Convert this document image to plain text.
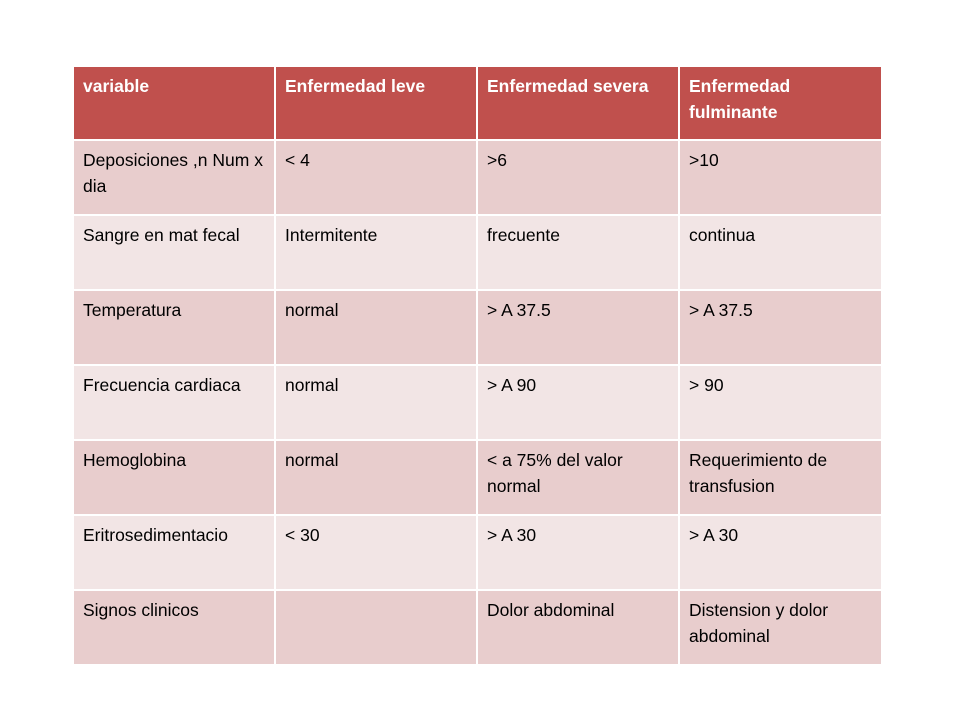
variable	Enfermedad leve	Enfermedad severa	Enfermedad fulminante
Deposiciones ,n Num x dia	< 4	>6	>10
Sangre en mat fecal	Intermitente	frecuente	continua
Temperatura	normal	> A 37.5	> A 37.5
Frecuencia cardiaca	normal	> A 90	> 90
Hemoglobina	normal	< a 75% del valor normal	Requerimiento de transfusion
Eritrosedimentacio	< 30	> A 30	> A 30
Signos clinicos		Dolor abdominal	Distension y dolor abdominal
